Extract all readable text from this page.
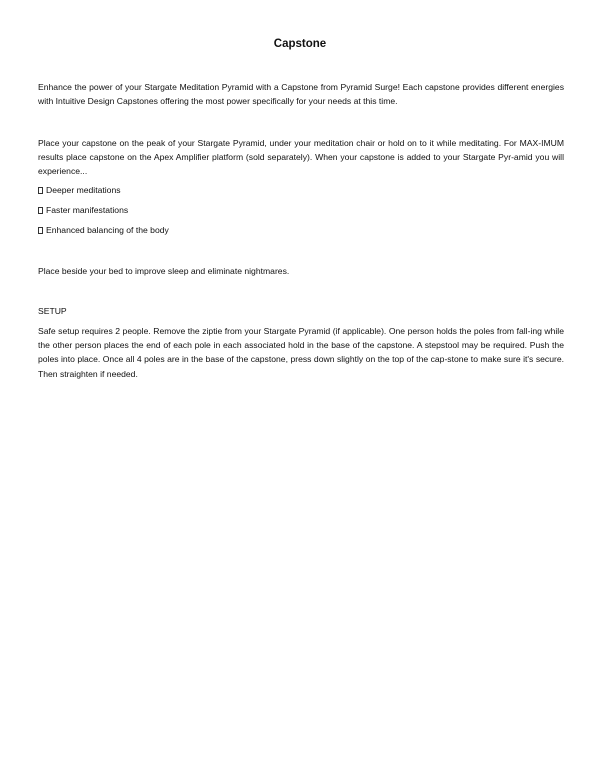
Capstone

Enhance the power of your Stargate Meditation Pyramid with a Capstone from Pyramid Surge! Each capstone provides different energies with Intuitive Design Capstones offering the most power specifically for your needs at this time.

Place your capstone on the peak of your Stargate Pyramid, under your meditation chair or hold on to it while meditating. For MAX-IMUM results place capstone on the Apex Amplifier platform (sold separately). When your capstone is added to your Stargate Pyr-amid you will experience...

Deeper meditations
Faster manifestations
Enhanced balancing of the body

Place beside your bed to improve sleep and eliminate nightmares.

SETUP

Safe setup requires 2 people. Remove the ziptie from your Stargate Pyramid (if applicable). One person holds the poles from fall-ing while the other person places the end of each pole in each associated hold in the base of the capstone. A stepstool may be required. Push the poles into place. Once all 4 poles are in the base of the capstone, press down slightly on the top of the cap-stone to make sure it's secure. Then straighten if needed.
